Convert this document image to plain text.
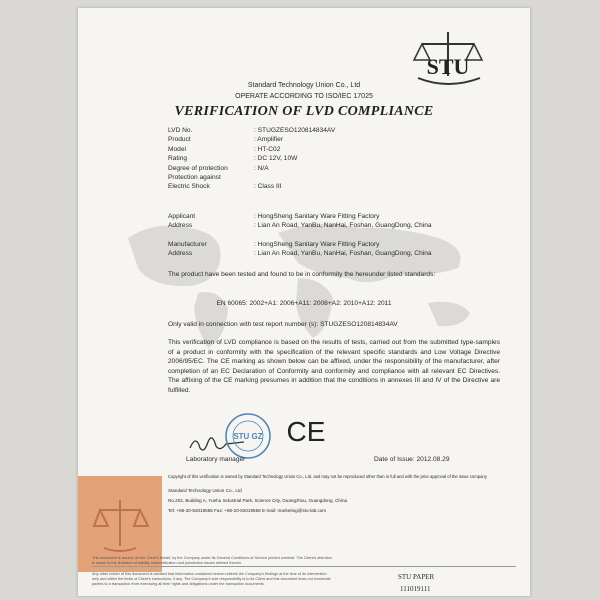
STU
Standard Technology Union Co., Ltd
OPERATE ACCORDING TO ISO/IEC 17025
VERIFICATION OF LVD COMPLIANCE
LVD No.	: STUGZESO120814834AV
Product	: Amplifier
Model	: HT-C02
Rating	: DC 12V, 10W
Degree of protection	: N/A
Protection against
Electric Shock	: Class III
Applicant	: HongSheng Sanitary Ware Fitting Factory
Address	: Lian An Road, YanBu, NanHai, Foshan, GuangDong, China
Manufacturer	: HongSheng Sanitary Ware Fitting Factory
Address	: Lian An Road, YanBu, NanHai, Foshan, GuangDong, China
The product have been tested and found to be in conformity the hereunder listed standards:
EN 60065: 2002+A1: 2006+A11: 2008+A2: 2010+A12: 2011
Only valid in connection with test report number (s): STUGZESO120814834AV
This verification of LVD compliance is based on the results of tests, carried out from the submitted type-samples of a product in conformity with the specification of the relevant specific standards and Low Voltage Directive 2006/95/EC. The CE marking as shown below can be affixed, under the responsibility of the manufacturer, after completion of an EC Declaration of Conformity and conformity and compliance with all relevant EC Directives. The affixing of the CE marking presumes in addition that the conditions in annexes III and IV of the Directive are fulfilled.
STU GZ CE
Laboratory manager	Date of Issue: 2012.08.29
Copyright of this verification is owned by Standard Technology Union Co., Ltd. and may not be reproduced other than in full and with the prior approval of the issue company
Standard Technology Union Co., Ltd
No.202, Building A, Yuehu Industrial Park, Science City, Guangzhou, Guangdong, China
Tel: +86-20-82019555 Fax: +86-20-82019558 E-mail: marketing@stu-lab.com
This document is issued, on the Client's behalf, by the Company under its General Conditions of Service printed overleaf. The Client's attention is drawn to the limitation of liability, indemnification and jurisdiction issues defined therein.
Any other holder of this document is advised that information contained hereon reflects the Company's findings at the time of its intervention only and within the limits of Client's instructions, if any. The Company's sole responsibility is to its Client and this document does not exonerate parties to a transaction from exercising all their rights and obligations under the transaction documents.
STU PAPER
111019111
